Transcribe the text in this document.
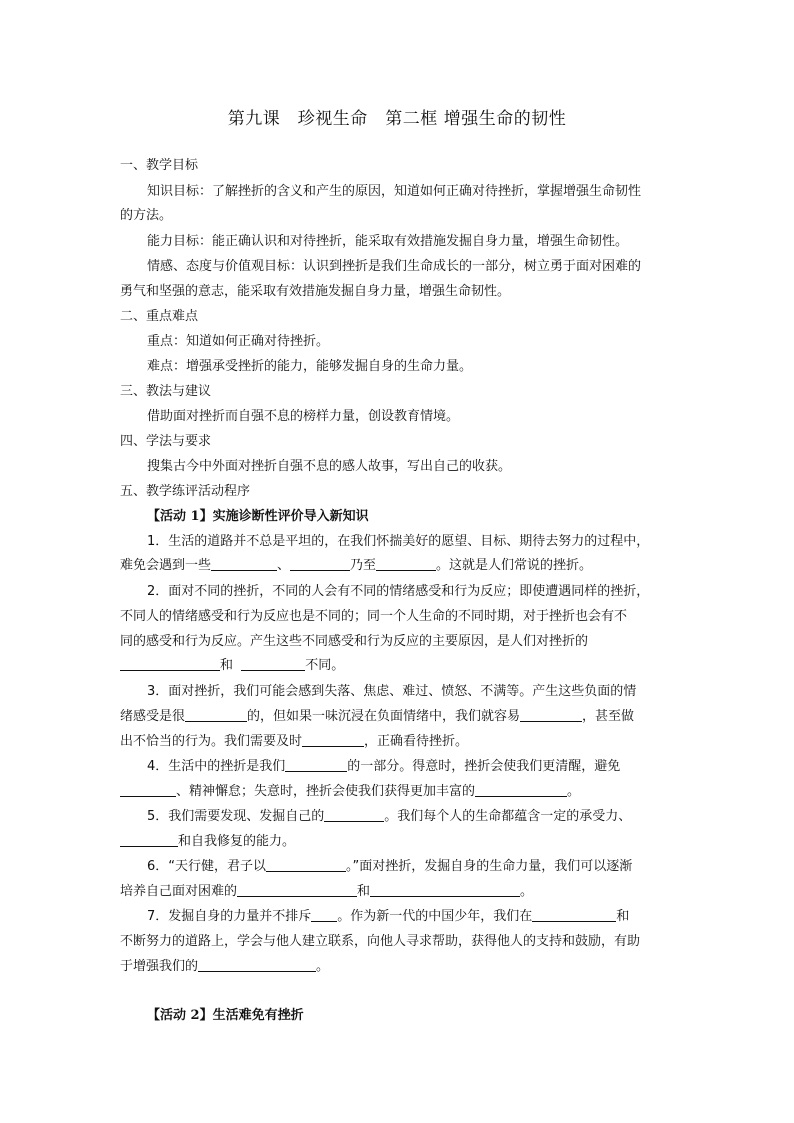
第九课　珍视生命　第二框 增强生命的韧性
一、教学目标
知识目标：了解挫折的含义和产生的原因，知道如何正确对待挫折，掌握增强生命韧性
的方法。
能力目标：能正确认识和对待挫折，能采取有效措施发掘自身力量，增强生命韧性。
情感、态度与价值观目标：认识到挫折是我们生命成长的一部分，树立勇于面对困难的
勇气和坚强的意志，能采取有效措施发掘自身力量，增强生命韧性。
二、重点难点
重点：知道如何正确对待挫折。
难点：增强承受挫折的能力，能够发掘自身的生命力量。
三、教法与建议
借助面对挫折而自强不息的榜样力量，创设教育情境。
四、学法与要求
搜集古今中外面对挫折自强不息的感人故事，写出自己的收获。
五、教学练评活动程序
【活动 1】实施诊断性评价导入新知识
1．生活的道路并不总是平坦的，在我们怀揣美好的愿望、目标、期待去努力的过程中，
难免会遇到一些	、	乃至	。这就是人们常说的挫折。
2．面对不同的挫折，不同的人会有不同的情绪感受和行为反应；即使遭遇同样的挫折，
不同人的情绪感受和行为反应也是不同的；同一个人生命的不同时期，对于挫折也会有不
同的感受和行为反应。产生这些不同感受和行为反应的主要原因，是人们对挫折的
和	不同。
3．面对挫折，我们可能会感到失落、焦虑、难过、愤怒、不满等。产生这些负面的情
绪感受是很	的，但如果一味沉浸在负面情绪中，我们就容易	，甚至做
出不恰当的行为。我们需要及时	，正确看待挫折。
4．生活中的挫折是我们	的一部分。得意时，挫折会使我们更清醒，避免
、精神懈怠；失意时，挫折会使我们获得更加丰富的	。
5．我们需要发现、发掘自己的	。我们每个人的生命都蕴含一定的承受力、
和自我修复的能力。
6．“天行健，君子以	。”面对挫折，发掘自身的生命力量，我们可以逐渐
培养自己面对困难的	和	。
7．发掘自身的力量并不排斥 。作为新一代的中国少年，我们在	和
不断努力的道路上，学会与他人建立联系，向他人寻求帮助，获得他人的支持和鼓励，有助
于增强我们的	。
【活动 2】生活难免有挫折
